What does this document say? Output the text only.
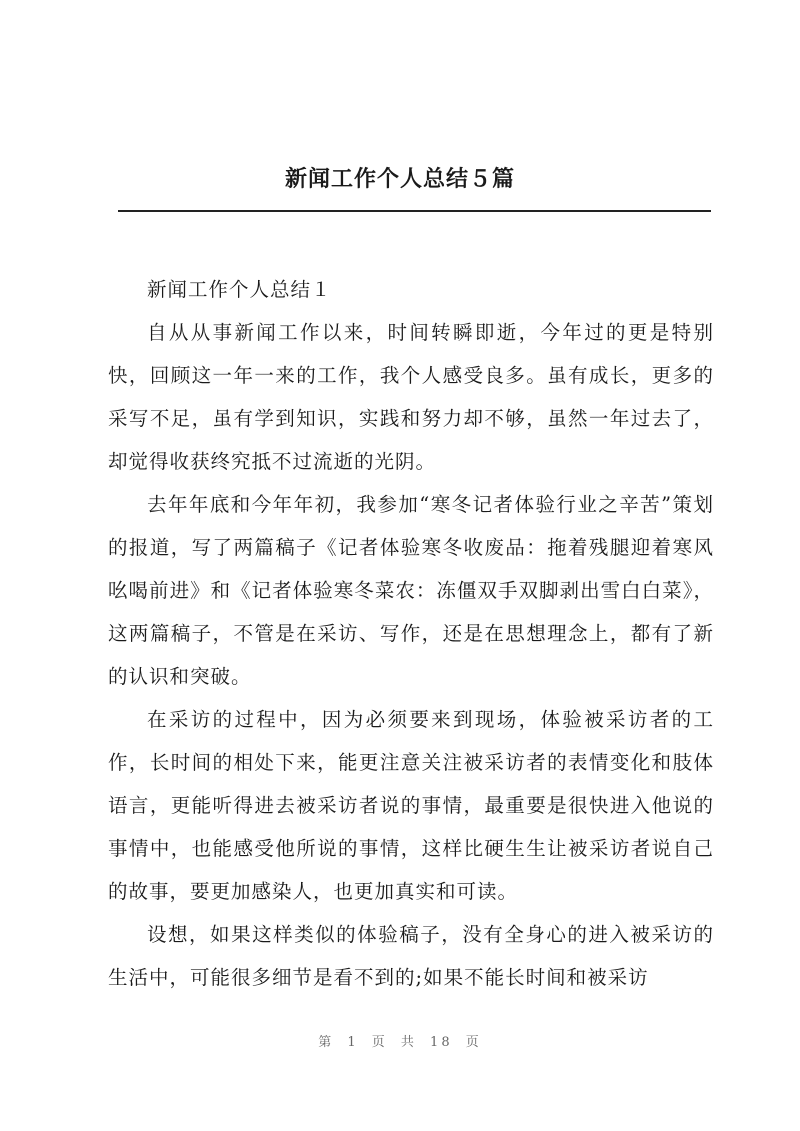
新闻工作个人总结５篇

新闻工作个人总结１

自从从事新闻工作以来，时间转瞬即逝，今年过的更是特别快，回顾这一年一来的工作，我个人感受良多。虽有成长，更多的采写不足，虽有学到知识，实践和努力却不够，虽然一年过去了，却觉得收获终究抵不过流逝的光阴。

去年年底和今年年初，我参加“寒冬记者体验行业之辛苦”策划的报道，写了两篇稿子《记者体验寒冬收废品：拖着残腿迎着寒风吆喝前进》和《记者体验寒冬菜农：冻僵双手双脚剥出雪白白菜》，这两篇稿子，不管是在采访、写作，还是在思想理念上，都有了新的认识和突破。

在采访的过程中，因为必须要来到现场，体验被采访者的工作，长时间的相处下来，能更注意关注被采访者的表情变化和肢体语言，更能听得进去被采访者说的事情，最重要是很快进入他说的事情中，也能感受他所说的事情，这样比硬生生让被采访者说自己的故事，要更加感染人，也更加真实和可读。

设想，如果这样类似的体验稿子，没有全身心的进入被采访的生活中，可能很多细节是看不到的;如果不能长时间和被采访

第 1 页 共 18 页
